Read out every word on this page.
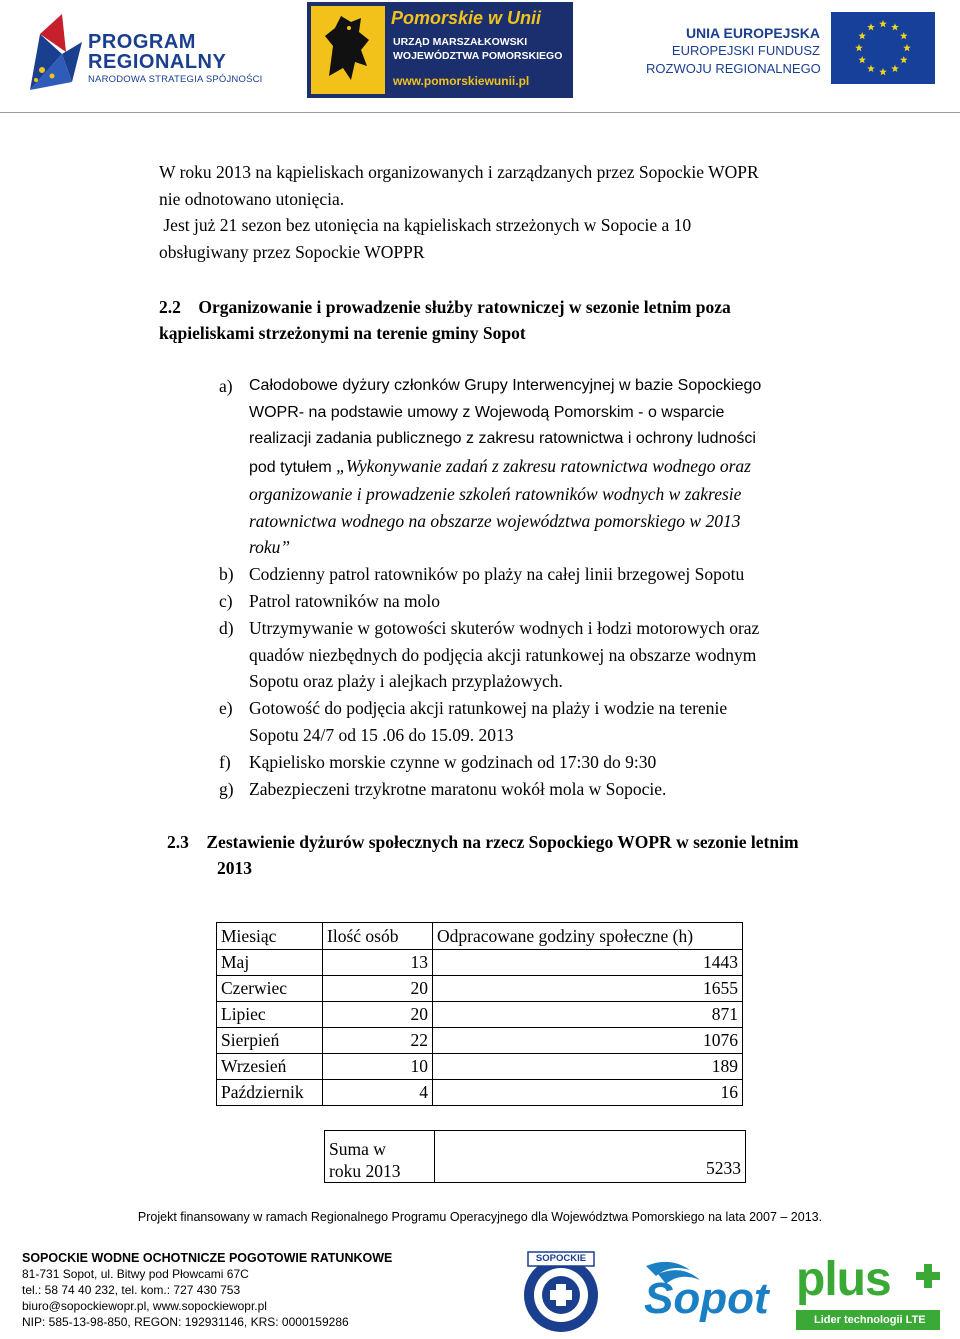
PROGRAM
REGIONALNY
NARODOWA STRATEGIA SPÓJNOŚCI
Pomorskie w Unii
URZĄD MARSZAŁKOWSKI
WOJEWÓDZTWA POMORSKIEGO
www.pomorskiewunii.pl
UNIA EUROPEJSKA
EUROPEJSKI FUNDUSZ
ROZWOJU REGIONALNEGO
W roku 2013 na kąpieliskach organizowanych i zarządzanych przez Sopockie WOPR
nie odnotowano utonięcia.
Jest już 21 sezon bez utonięcia na kąpieliskach strzeżonych w Sopocie a 10
obsługiwany przez Sopockie WOPPR
2.2    Organizowanie i prowadzenie służby ratowniczej w sezonie letnim poza
kąpieliskami strzeżonymi na terenie gminy Sopot
a) Całodobowe dyżury członków Grupy Interwencyjnej w bazie Sopockiego
WOPR- na podstawie umowy z Wojewodą Pomorskim - o wsparcie
realizacji zadania publicznego z zakresu ratownictwa i ochrony ludności
pod tytułem „Wykonywanie zadań z zakresu ratownictwa wodnego oraz
organizowanie i prowadzenie szkoleń ratowników wodnych w zakresie
ratownictwa wodnego na obszarze województwa pomorskiego w 2013
roku”
b) Codzienny patrol ratowników po plaży na całej linii brzegowej Sopotu
c) Patrol ratowników na molo
d) Utrzymywanie w gotowości skuterów wodnych i łodzi motorowych oraz
quadów niezbędnych do podjęcia akcji ratunkowej na obszarze wodnym
Sopotu oraz plaży i alejkach przyplażowych.
e) Gotowość do podjęcia akcji ratunkowej na plaży i wodzie na terenie
Sopotu 24/7 od 15 .06 do 15.09. 2013
f) Kąpielisko morskie czynne w godzinach od 17:30 do 9:30
g) Zabezpieczeni trzykrotne maratonu wokół mola w Sopocie.
2.3    Zestawienie dyżurów społecznych na rzecz Sopockiego WOPR w sezonie letnim
2013
Miesiąc	Ilość osób	Odpracowane godziny społeczne (h)
Maj	13	1443
Czerwiec	20	1655
Lipiec	20	871
Sierpień	22	1076
Wrzesień	10	189
Październik	4	16
Suma w
roku 2013	5233
Projekt finansowany w ramach Regionalnego Programu Operacyjnego dla Województwa Pomorskiego na lata 2007 – 2013.
SOPOCKIE WODNE OCHOTNICZE POGOTOWIE RATUNKOWE
81-731 Sopot, ul. Bitwy pod Płowcami 67C
tel.: 58 74 40 232, tel. kom.: 727 430 753
biuro@sopockiewopr.pl, www.sopockiewopr.pl
NIP: 585-13-98-850, REGON: 192931146, KRS: 0000159286
SOPOCKIE
Sopot plus
Lider technologii LTE
